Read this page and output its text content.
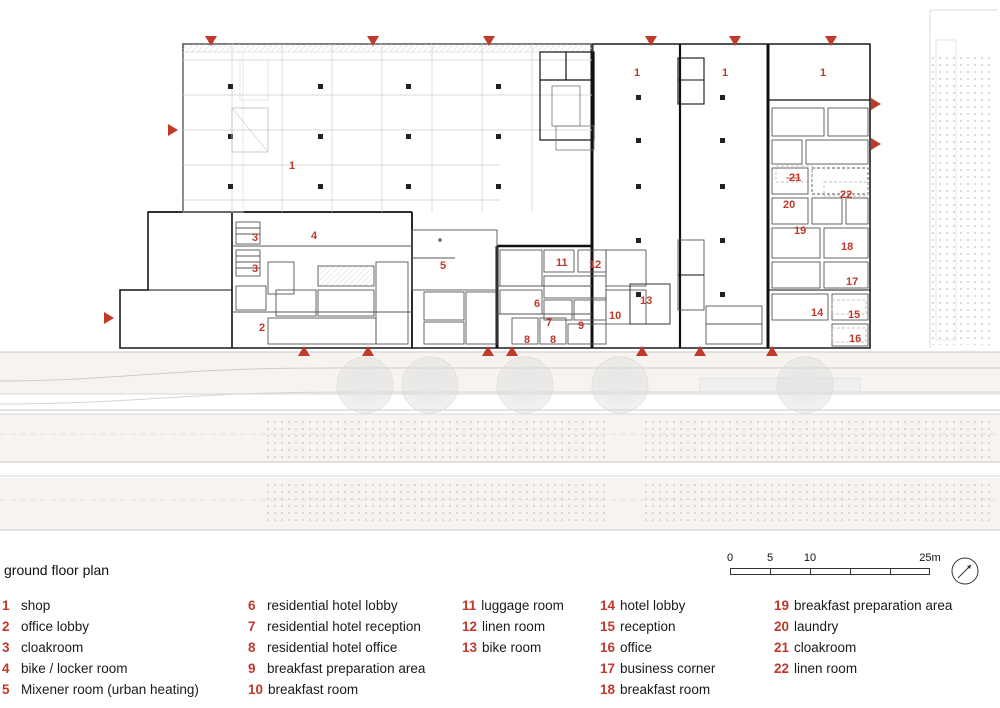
1	1	1
1
3	4
3	5	11 12
6	13
10
7 9
8 8
2
21
22
20
19
18
17
14 15
16
ground floor plan
0	5	10	25m
1 shop
2 office lobby
3 cloakroom
4 bike / locker room
5 Mixener room (urban heating)
6 residential hotel lobby
7 residential hotel reception
8 residential hotel office
9 breakfast preparation area
10 breakfast room
11 luggage room
12 linen room
13 bike room
14 hotel lobby
15 reception
16 office
17 business corner
18 breakfast room
19 breakfast preparation area
20 laundry
21 cloakroom
22 linen room
